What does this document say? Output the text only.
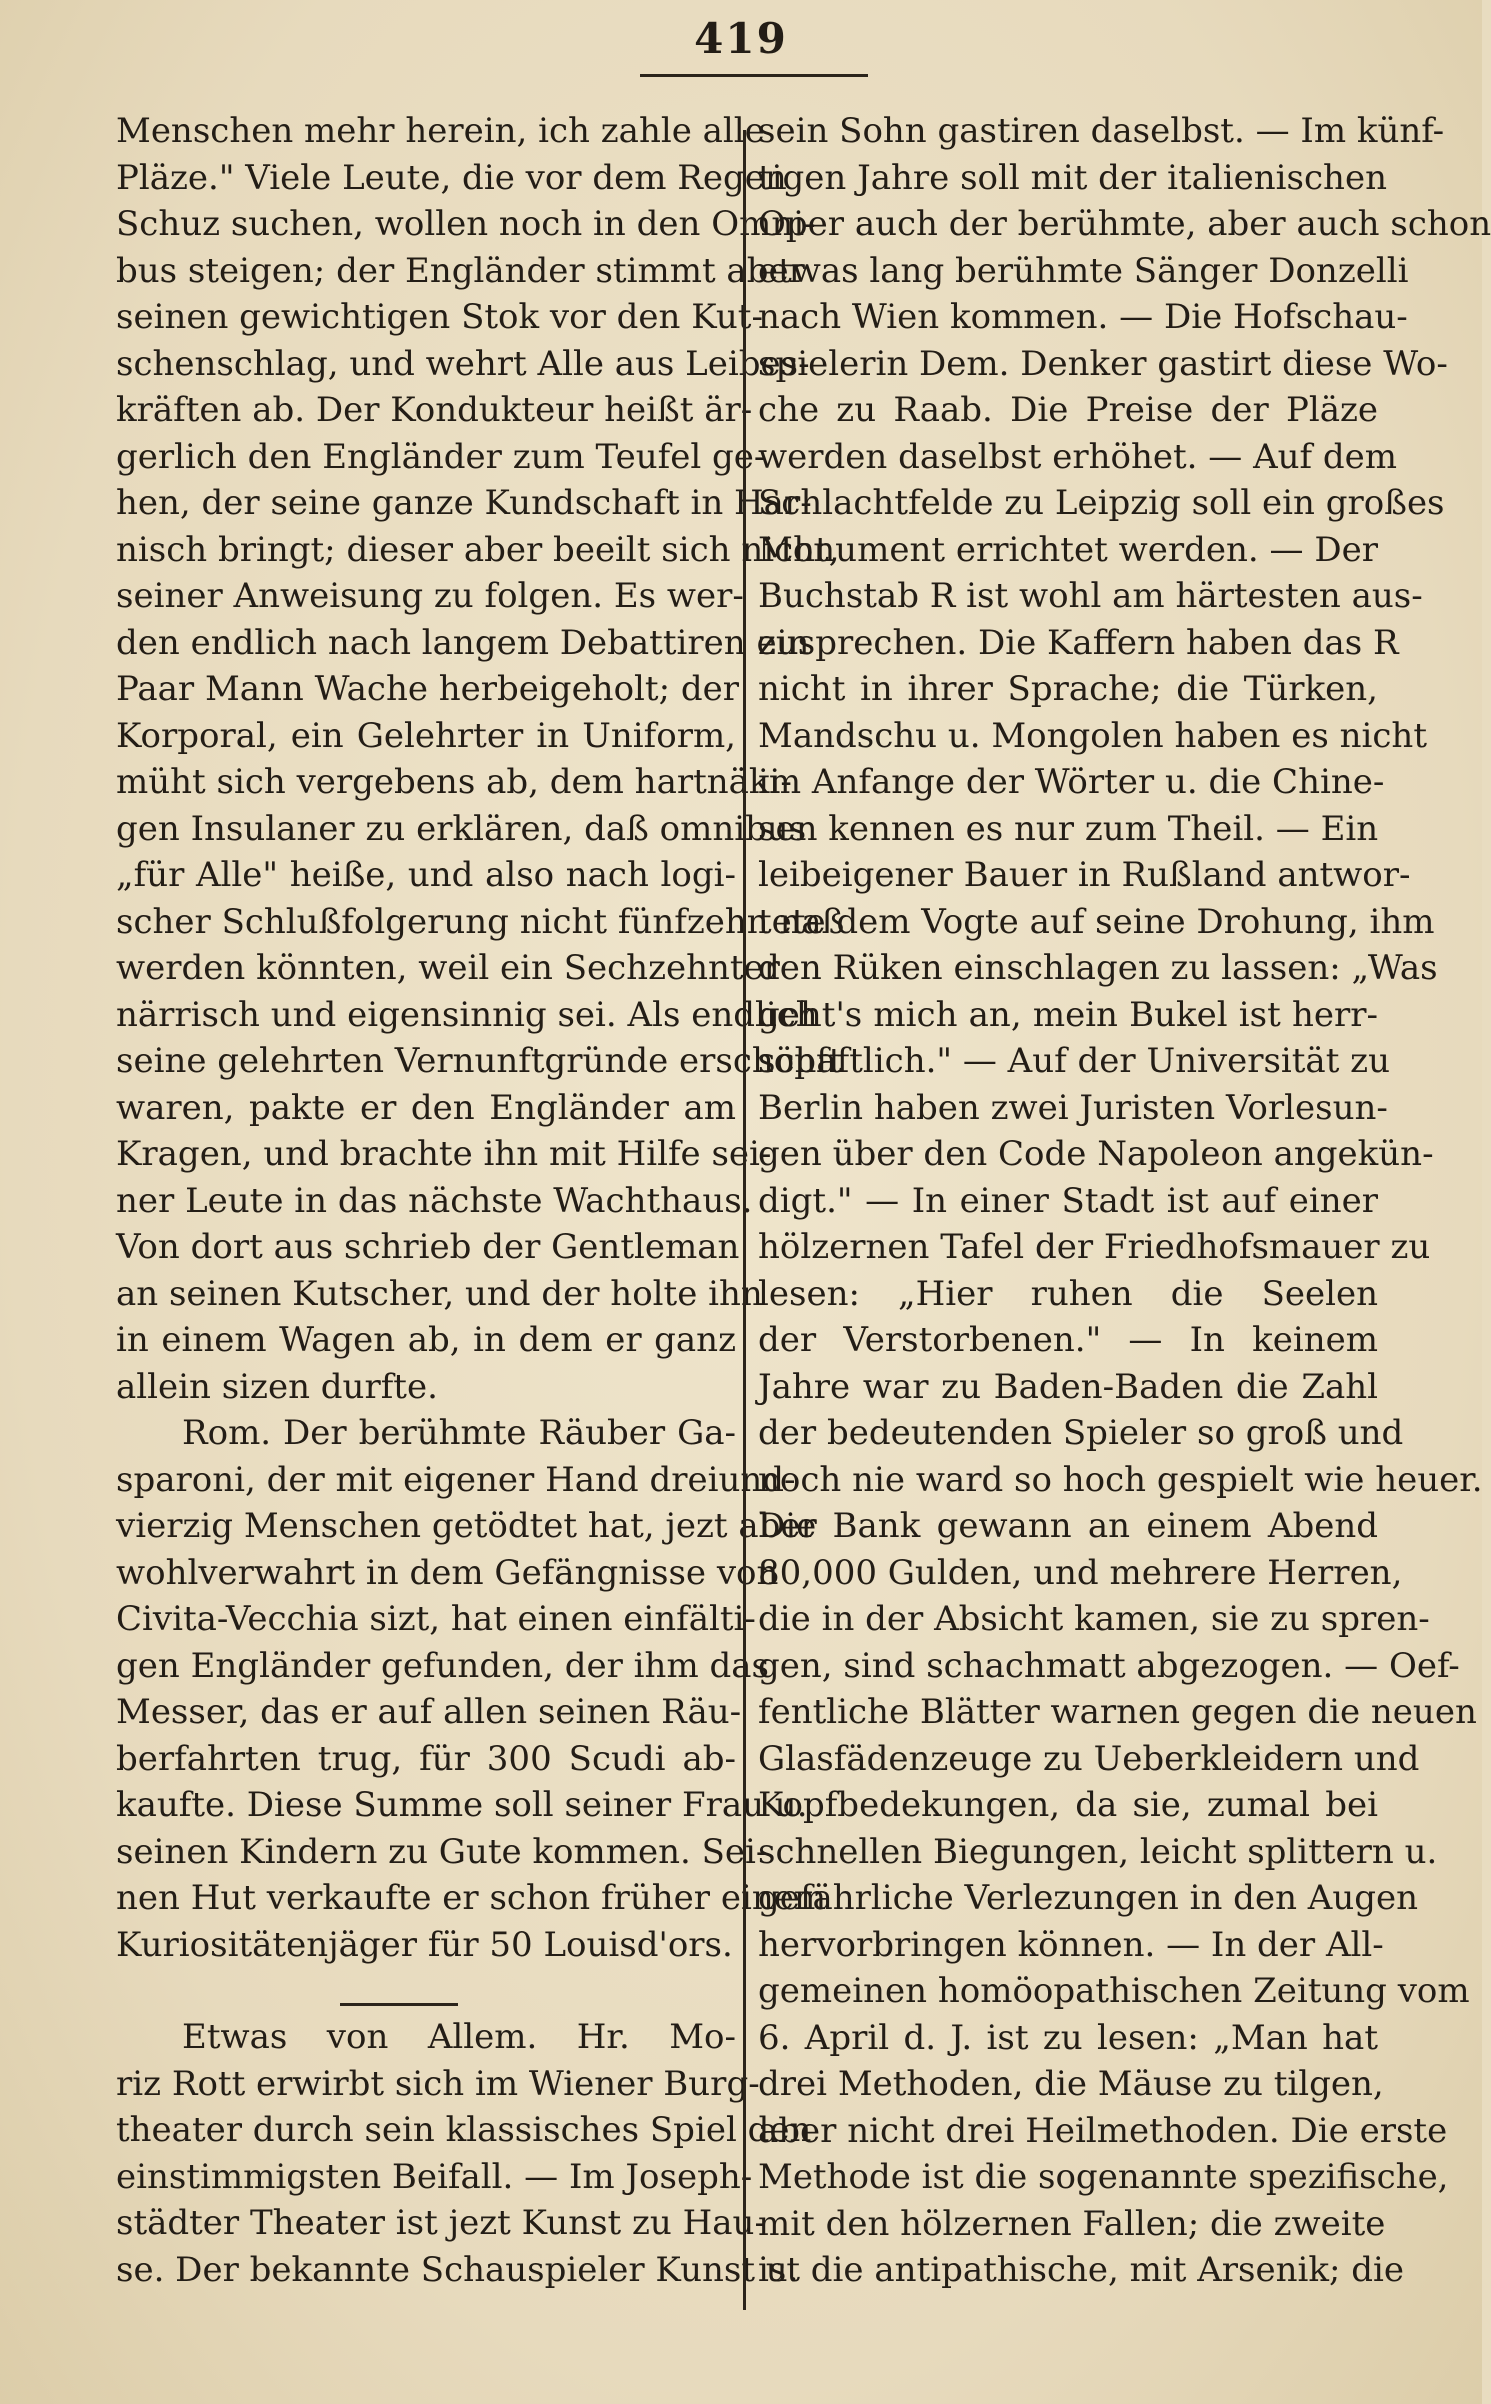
419

Menschen mehr herein, ich zahle alle
Pläze." Viele Leute, die vor dem Regen
Schuz suchen, wollen noch in den Omni-
bus steigen; der Engländer stimmt aber
seinen gewichtigen Stok vor den Kut-
schenschlag, und wehrt Alle aus Leibes-
kräften ab. Der Kondukteur heißt är-
gerlich den Engländer zum Teufel ge-
hen, der seine ganze Kundschaft in Har-
nisch bringt; dieser aber beeilt sich nicht,
seiner Anweisung zu folgen. Es wer-
den endlich nach langem Debattiren ein
Paar Mann Wache herbeigeholt; der
Korporal, ein Gelehrter in Uniform,
müht sich vergebens ab, dem hartnäki-
gen Insulaner zu erklären, daß omnibus
„für Alle" heiße, und also nach logi-
scher Schlußfolgerung nicht fünfzehn naß
werden könnten, weil ein Sechzehnter
närrisch und eigensinnig sei. Als endlich
seine gelehrten Vernunftgründe erschöpft
waren, pakte er den Engländer am
Kragen, und brachte ihn mit Hilfe sei-
ner Leute in das nächste Wachthaus.
Von dort aus schrieb der Gentleman
an seinen Kutscher, und der holte ihn
in einem Wagen ab, in dem er ganz
allein sizen durfte.

Rom. Der berühmte Räuber Ga-
sparoni, der mit eigener Hand dreiund-
vierzig Menschen getödtet hat, jezt aber
wohlverwahrt in dem Gefängnisse von
Civita-Vecchia sizt, hat einen einfälti-
gen Engländer gefunden, der ihm das
Messer, das er auf allen seinen Räu-
berfahrten trug, für 300 Scudi ab-
kaufte. Diese Summe soll seiner Frau u.
seinen Kindern zu Gute kommen. Sei-
nen Hut verkaufte er schon früher einem
Kuriositätenjäger für 50 Louisd'ors.

Etwas von Allem. Hr. Mo-
riz Rott erwirbt sich im Wiener Burg-
theater durch sein klassisches Spiel den
einstimmigsten Beifall. — Im Joseph-
städter Theater ist jezt Kunst zu Hau-
se. Der bekannte Schauspieler Kunst u.

sein Sohn gastiren daselbst. — Im künf-
tigen Jahre soll mit der italienischen
Oper auch der berühmte, aber auch schon
etwas lang berühmte Sänger Donzelli
nach Wien kommen. — Die Hofschau-
spielerin Dem. Denker gastirt diese Wo-
che zu Raab. Die Preise der Pläze
werden daselbst erhöhet. — Auf dem
Schlachtfelde zu Leipzig soll ein großes
Monument errichtet werden. — Der
Buchstab R ist wohl am härtesten aus-
zusprechen. Die Kaffern haben das R
nicht in ihrer Sprache; die Türken,
Mandschu u. Mongolen haben es nicht
im Anfange der Wörter u. die Chine-
sen kennen es nur zum Theil. — Ein
leibeigener Bauer in Rußland antwor-
tete dem Vogte auf seine Drohung, ihm
den Rüken einschlagen zu lassen: „Was
geht's mich an, mein Bukel ist herr-
schaftlich." — Auf der Universität zu
Berlin haben zwei Juristen Vorlesun-
gen über den Code Napoleon angekün-
digt." — In einer Stadt ist auf einer
hölzernen Tafel der Friedhofsmauer zu
lesen: „Hier ruhen die Seelen
der Verstorbenen." — In keinem
Jahre war zu Baden-Baden die Zahl
der bedeutenden Spieler so groß und
noch nie ward so hoch gespielt wie heuer.
Die Bank gewann an einem Abend
80,000 Gulden, und mehrere Herren,
die in der Absicht kamen, sie zu spren-
gen, sind schachmatt abgezogen. — Oef-
fentliche Blätter warnen gegen die neuen
Glasfädenzeuge zu Ueberkleidern und
Kopfbedekungen, da sie, zumal bei
schnellen Biegungen, leicht splittern u.
gefährliche Verlezungen in den Augen
hervorbringen können. — In der All-
gemeinen homöopathischen Zeitung vom
6. April d. J. ist zu lesen: „Man hat
drei Methoden, die Mäuse zu tilgen,
aber nicht drei Heilmethoden. Die erste
Methode ist die sogenannte spezifische,
mit den hölzernen Fallen; die zweite
ist die antipathische, mit Arsenik; die
